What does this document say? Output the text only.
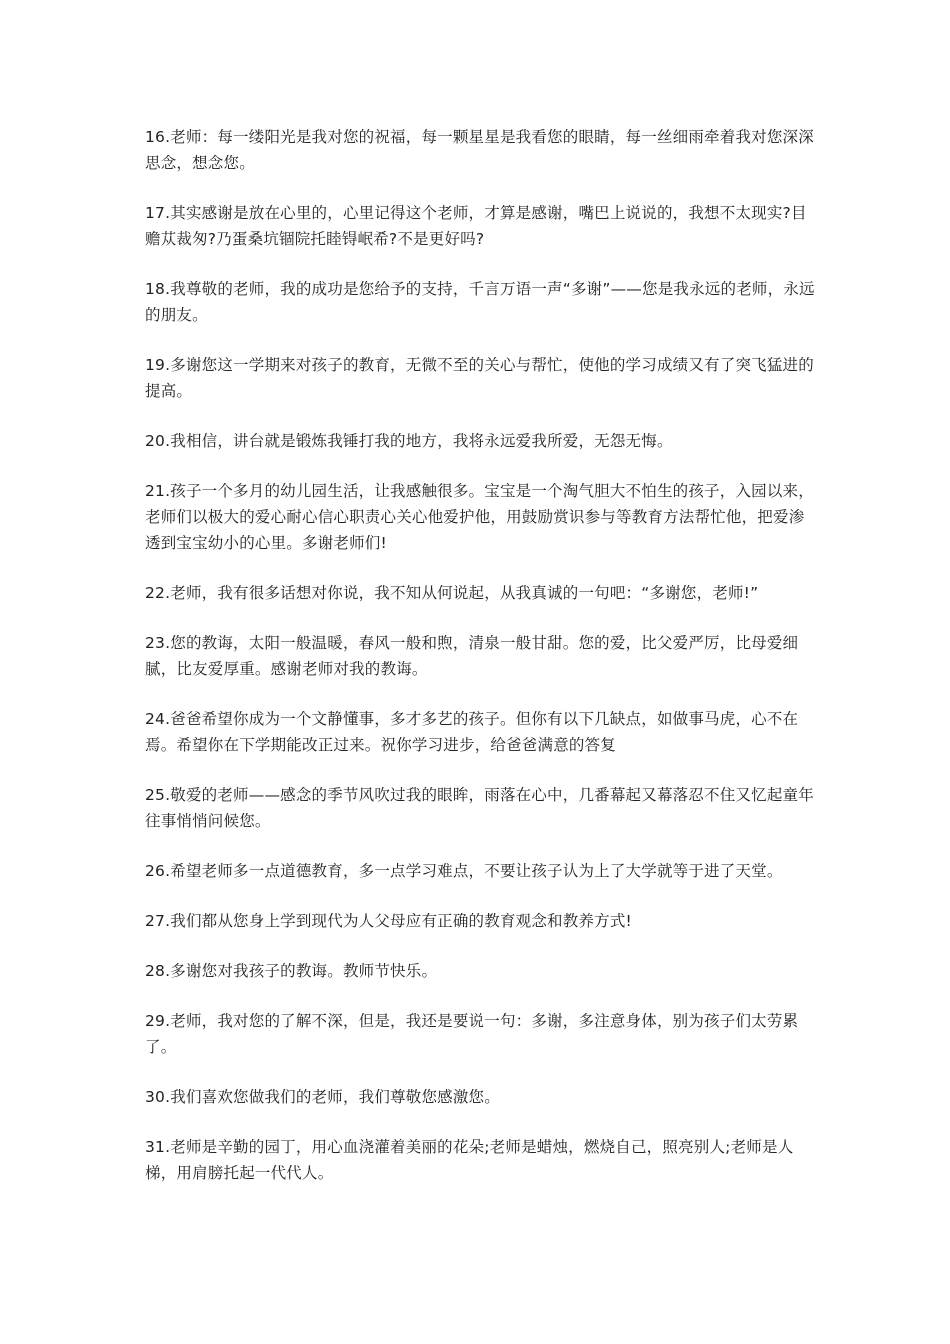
16.老师：每一缕阳光是我对您的祝福，每一颗星星是我看您的眼睛，每一丝细雨牵着我对您深深思念，想念您。

17.其实感谢是放在心里的，心里记得这个老师，才算是感谢，嘴巴上说说的，我想不太现实?目赡苁裁匆?乃蛋桑坑锢院托睦锝岷希?不是更好吗?

18.我尊敬的老师，我的成功是您给予的支持，千言万语一声“多谢”——您是我永远的老师，永远的朋友。

19.多谢您这一学期来对孩子的教育，无微不至的关心与帮忙，使他的学习成绩又有了突飞猛进的提高。

20.我相信，讲台就是锻炼我锤打我的地方，我将永远爱我所爱，无怨无悔。

21.孩子一个多月的幼儿园生活，让我感触很多。宝宝是一个淘气胆大不怕生的孩子，入园以来，老师们以极大的爱心耐心信心职责心关心他爱护他，用鼓励赏识参与等教育方法帮忙他，把爱渗透到宝宝幼小的心里。多谢老师们!

22.老师，我有很多话想对你说，我不知从何说起，从我真诚的一句吧：“多谢您，老师!”

23.您的教诲，太阳一般温暖，春风一般和煦，清泉一般甘甜。您的爱，比父爱严厉，比母爱细腻，比友爱厚重。感谢老师对我的教诲。

24.爸爸希望你成为一个文静懂事，多才多艺的孩子。但你有以下几缺点，如做事马虎，心不在焉。希望你在下学期能改正过来。祝你学习进步，给爸爸满意的答复

25.敬爱的老师——感念的季节风吹过我的眼眸，雨落在心中，几番幕起又幕落忍不住又忆起童年往事悄悄问候您。

26.希望老师多一点道德教育，多一点学习难点，不要让孩子认为上了大学就等于进了天堂。

27.我们都从您身上学到现代为人父母应有正确的教育观念和教养方式!

28.多谢您对我孩子的教诲。教师节快乐。

29.老师，我对您的了解不深，但是，我还是要说一句：多谢，多注意身体，别为孩子们太劳累了。

30.我们喜欢您做我们的老师，我们尊敬您感激您。

31.老师是辛勤的园丁，用心血浇灌着美丽的花朵;老师是蜡烛，燃烧自己，照亮别人;老师是人梯，用肩膀托起一代代人。
